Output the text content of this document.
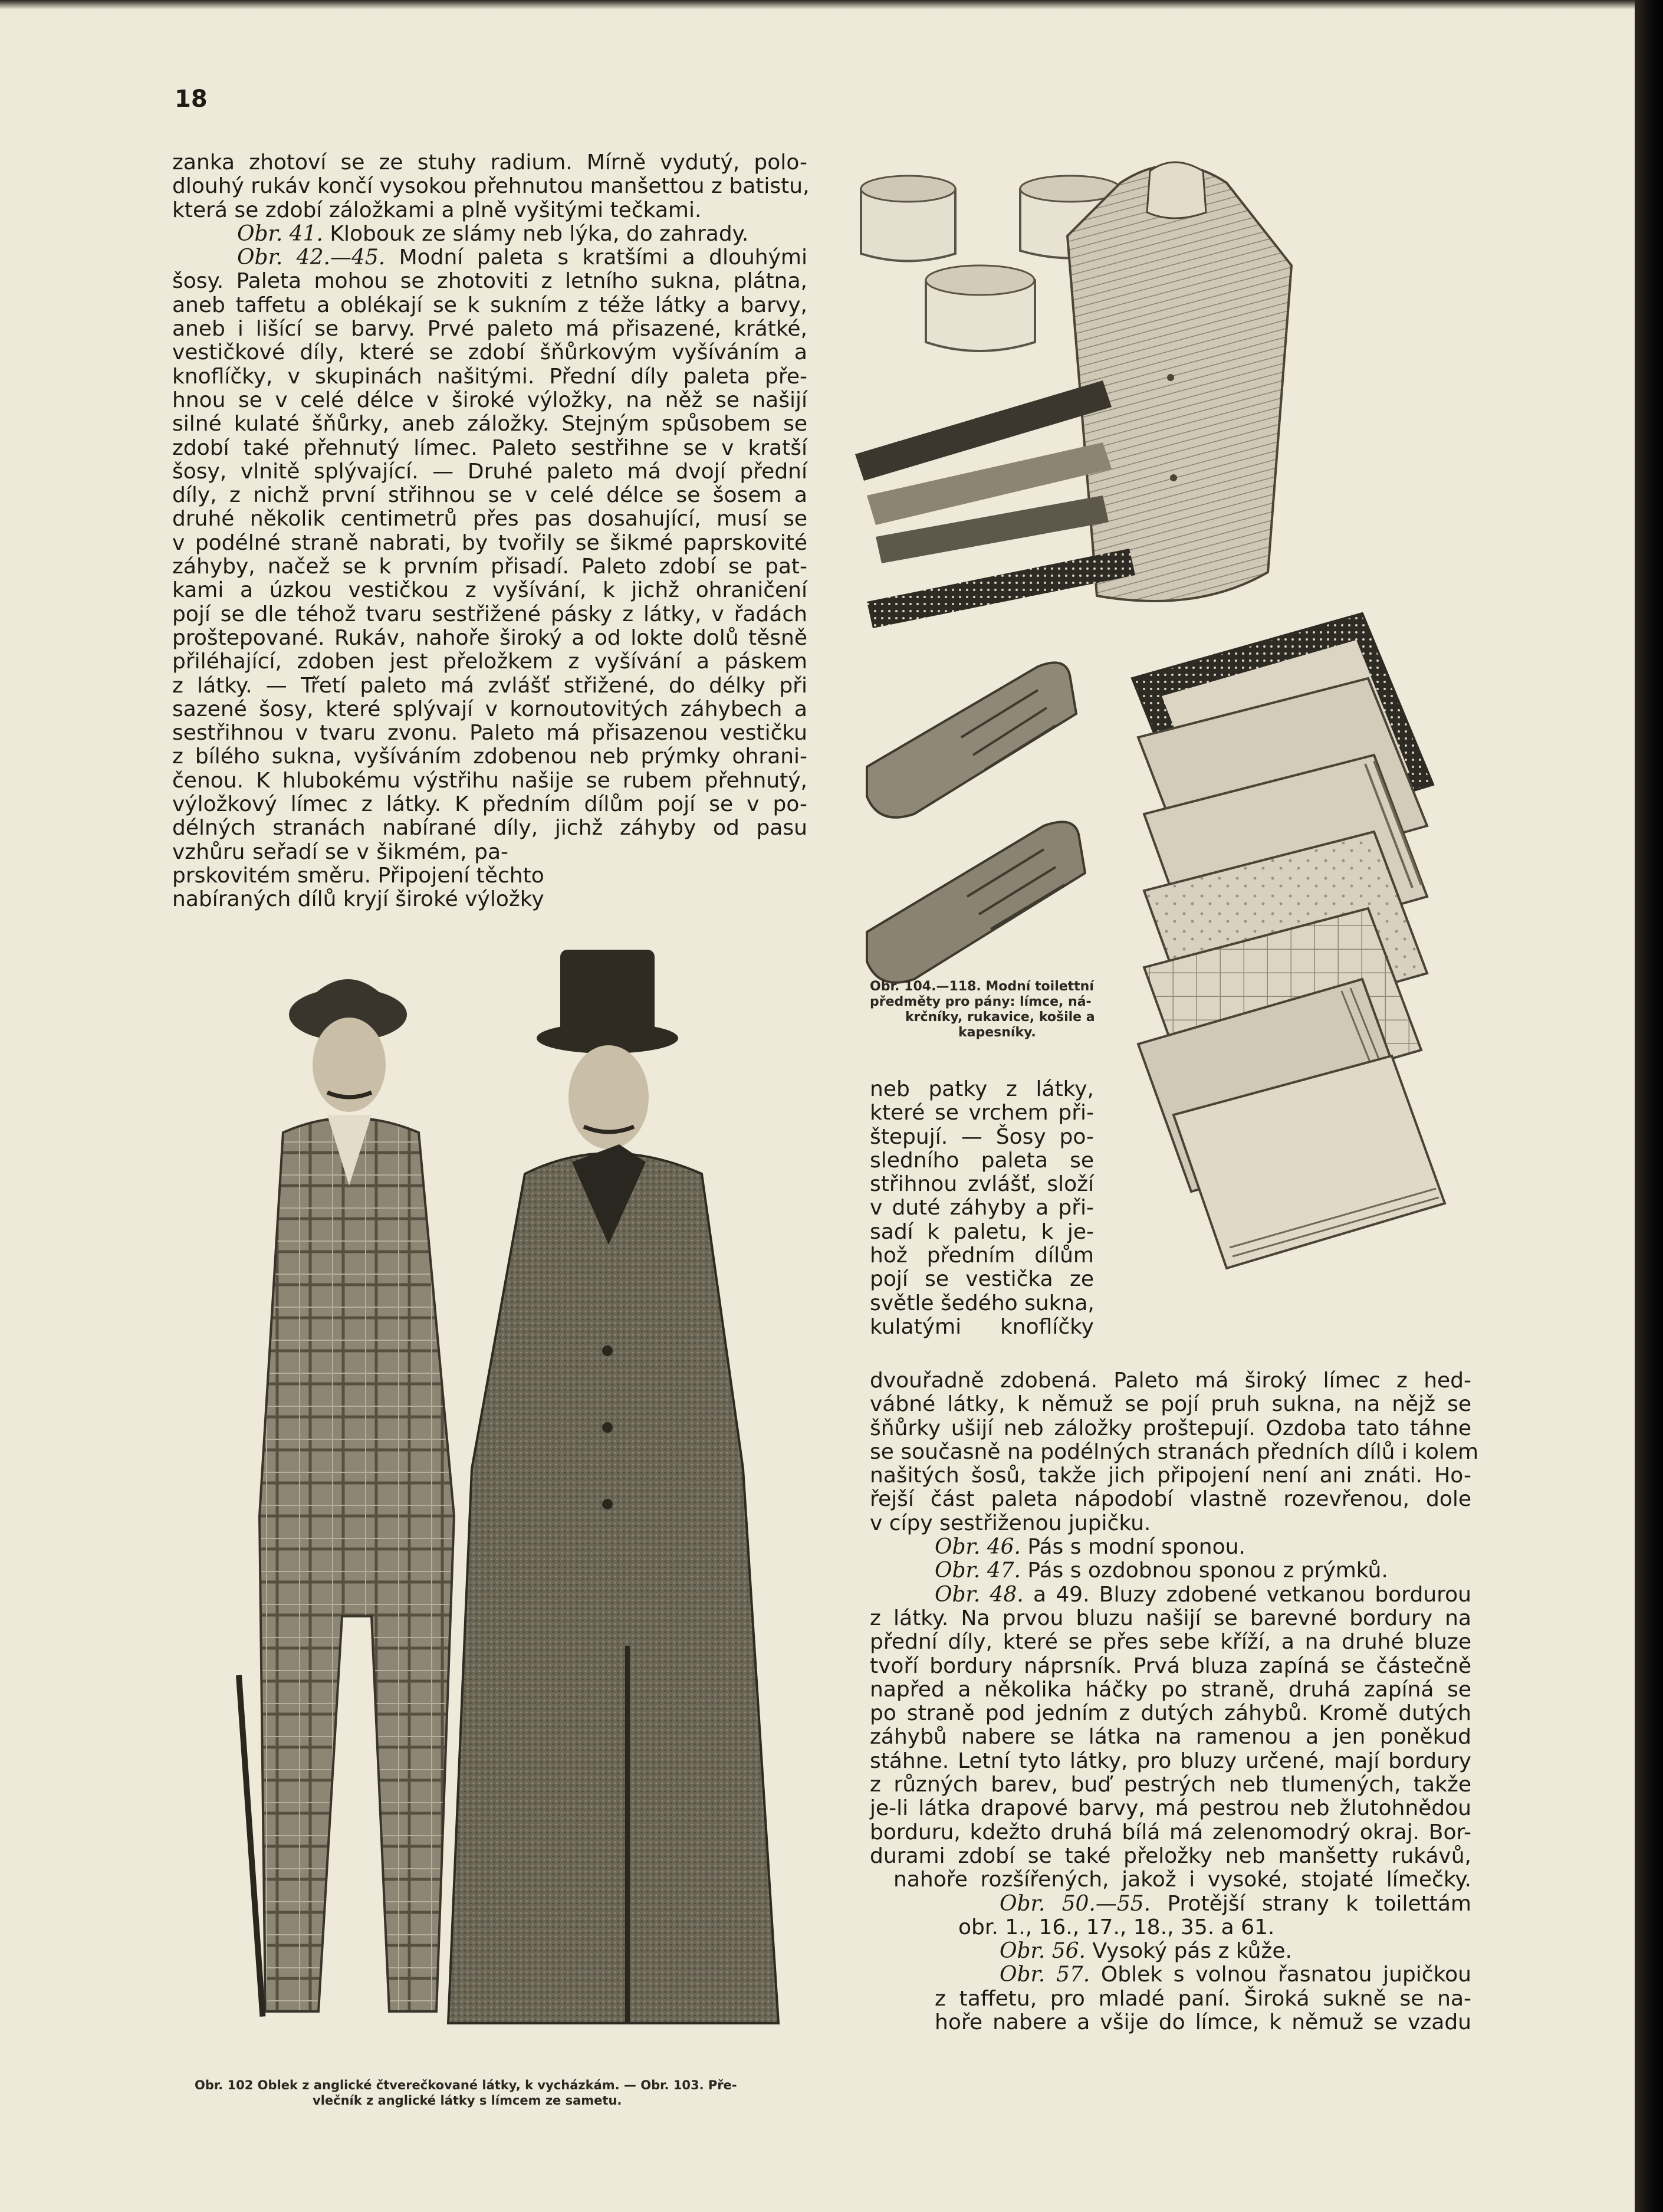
18
zanka zhotoví se ze stuhy radium. Mírně vydutý, polo-
dlouhý rukáv končí vysokou přehnutou manšettou z batistu,
která se zdobí záložkami a plně vyšitými tečkami.
Obr. 41. Klobouk ze slámy neb lýka, do zahrady.
Obr. 42.—45. Modní paleta s kratšími a dlouhými
šosy. Paleta mohou se zhotoviti z letního sukna, plátna,
aneb taffetu a oblékají se k sukním z téže látky a barvy,
aneb i lišící se barvy. Prvé paleto má přisazené, krátké,
vestičkové díly, které se zdobí šňůrkovým vyšíváním a
knoflíčky, v skupinách našitými. Přední díly paleta pře-
hnou se v celé délce v široké výložky, na něž se našijí
silné kulaté šňůrky, aneb záložky. Stejným spůsobem se
zdobí také přehnutý límec. Paleto sestřihne se v kratší
šosy, vlnitě splývající. — Druhé paleto má dvojí přední
díly, z nichž první střihnou se v celé délce se šosem a
druhé několik centimetrů přes pas dosahující, musí se
v podélné straně nabrati, by tvořily se šikmé paprskovité
záhyby, načež se k prvním přisadí. Paleto zdobí se pat-
kami a úzkou vestičkou z vyšívání, k jichž ohraničení
pojí se dle téhož tvaru sestřižené pásky z látky, v řadách
proštepované. Rukáv, nahoře široký a od lokte dolů těsně
přiléhající, zdoben jest přeložkem z vyšívání a páskem
z látky. — Třetí paleto má zvlášť střižené, do délky při
sazené šosy, které splývají v kornoutovitých záhybech a
sestřihnou v tvaru zvonu. Paleto má přisazenou vestičku
z bílého sukna, vyšíváním zdobenou neb prýmky ohrani-
čenou. K hlubokému výstřihu našije se rubem přehnutý,
výložkový límec z látky. K předním dílům pojí se v po-
délných stranách nabírané díly, jichž záhyby od pasu
vzhůru seřadí se v šikmém, pa-
prskovitém směru. Připojení těchto
nabíraných dílů kryjí široké výložky
neb patky z látky,
které se vrchem při-
štepují. — Šosy po-
sledního paleta se
střihnou zvlášť, složí
v duté záhyby a při-
sadí k paletu, k je-
hož předním dílům
pojí se vestička ze
světle šedého sukna,
kulatými knoflíčky
dvouřadně zdobená. Paleto má široký límec z hed-
vábné látky, k němuž se pojí pruh sukna, na nějž se
šňůrky ušijí neb záložky proštepují. Ozdoba tato táhne
se současně na podélných stranách předních dílů i kolem
našitých šosů, takže jich připojení není ani znáti. Ho-
řejší část paleta nápodobí vlastně rozevřenou, dole
v cípy sestřiženou jupičku.
Obr. 46. Pás s modní sponou.
Obr. 47. Pás s ozdobnou sponou z prýmků.
Obr. 48. a 49. Bluzy zdobené vetkanou bordurou
z látky. Na prvou bluzu našijí se barevné bordury na
přední díly, které se přes sebe kříží, a na druhé bluze
tvoří bordury náprsník. Prvá bluza zapíná se částečně
napřed a několika háčky po straně, druhá zapíná se
po straně pod jedním z dutých záhybů. Kromě dutých
záhybů nabere se látka na ramenou a jen poněkud
stáhne. Letní tyto látky, pro bluzy určené, mají bordury
z různých barev, buď pestrých neb tlumených, takže
je-li látka drapové barvy, má pestrou neb žlutohnědou
borduru, kdežto druhá bílá má zelenomodrý okraj. Bor-
durami zdobí se také přeložky neb manšetty rukávů,
nahoře rozšířených, jakož i vysoké, stojaté límečky.
Obr. 50.—55. Protější strany k toilettám
obr. 1., 16., 17., 18., 35. a 61.
Obr. 56. Vysoký pás z kůže.
Obr. 57. Oblek s volnou řasnatou jupičkou
z taffetu, pro mladé paní. Široká sukně se na-
hoře nabere a všije do límce, k němuž se vzadu
Obr. 104.—118. Modní toilettní
předměty pro pány: límce, ná-
krčníky, rukavice, košile a
kapesníky.
Obr. 102 Oblek z anglické čtverečkované látky, k vycházkám. — Obr. 103. Pře-
vlečník z anglické látky s límcem ze sametu.
